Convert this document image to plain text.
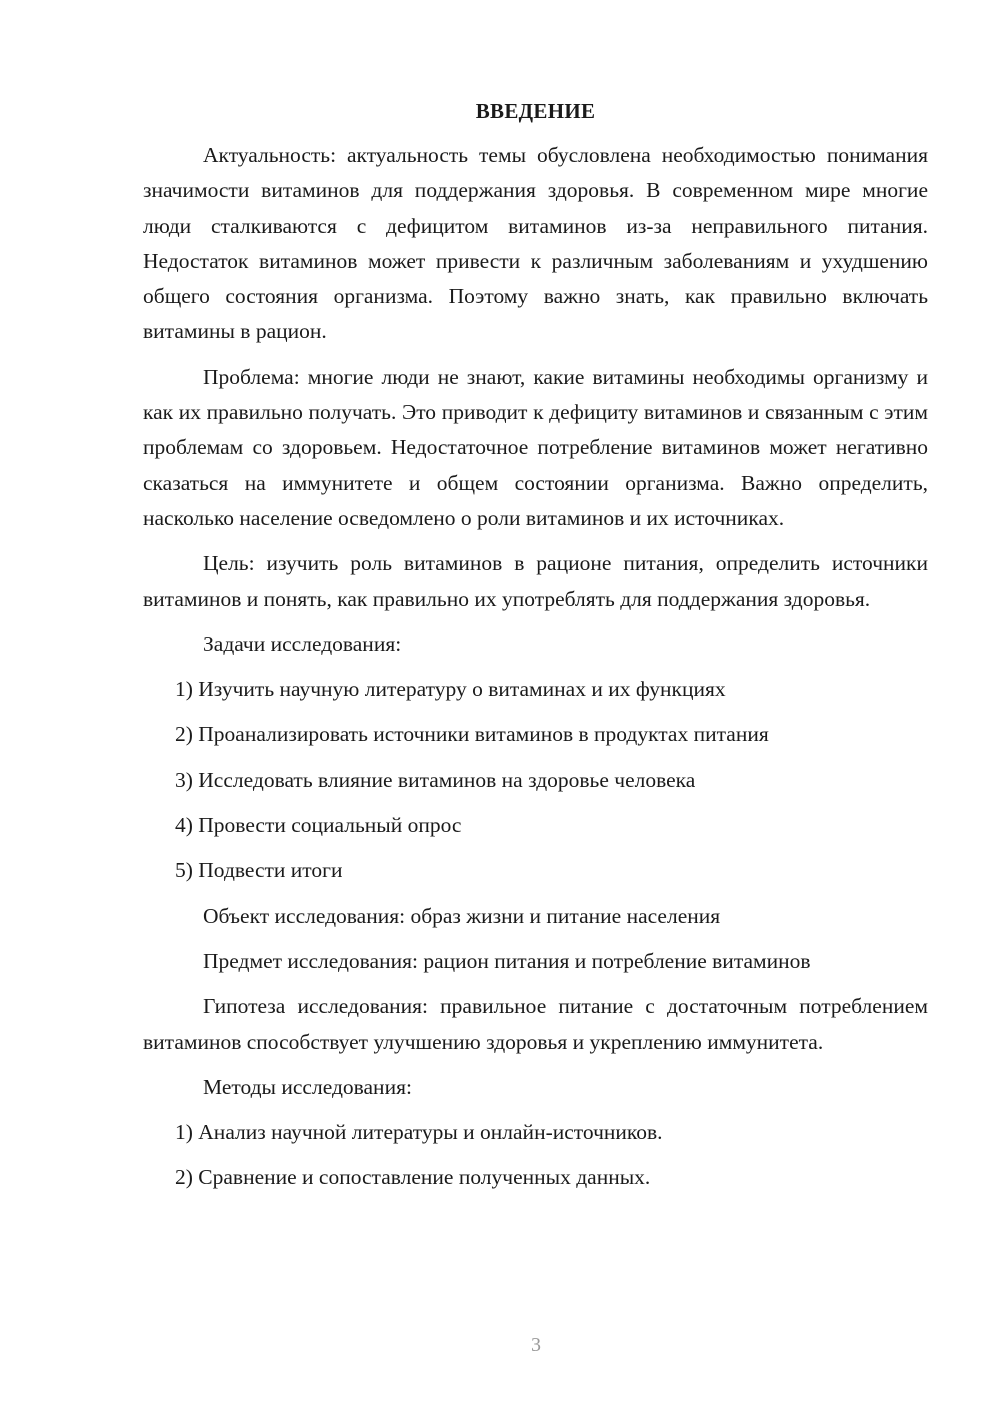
ВВЕДЕНИЕ

Актуальность: актуальность темы обусловлена необходимостью понимания значимости витаминов для поддержания здоровья. В современном мире многие люди сталкиваются с дефицитом витаминов из-за неправильного питания. Недостаток витаминов может привести к различным заболеваниям и ухудшению общего состояния организма. Поэтому важно знать, как правильно включать витамины в рацион.

Проблема: многие люди не знают, какие витамины необходимы организму и как их правильно получать. Это приводит к дефициту витаминов и связанным с этим проблемам со здоровьем. Недостаточное потребление витаминов может негативно сказаться на иммунитете и общем состоянии организма. Важно определить, насколько население осведомлено о роли витаминов и их источниках.

Цель: изучить роль витаминов в рационе питания, определить источники витаминов и понять, как правильно их употреблять для поддержания здоровья.

Задачи исследования:
1) Изучить научную литературу о витаминах и их функциях
2) Проанализировать источники витаминов в продуктах питания
3) Исследовать влияние витаминов на здоровье человека
4) Провести социальный опрос
5) Подвести итоги
Объект исследования: образ жизни и питание населения
Предмет исследования: рацион питания и потребление витаминов

Гипотеза исследования: правильное питание с достаточным потреблением витаминов способствует улучшению здоровья и укреплению иммунитета.

Методы исследования:
1) Анализ научной литературы и онлайн-источников.
2) Сравнение и сопоставление полученных данных.
3
